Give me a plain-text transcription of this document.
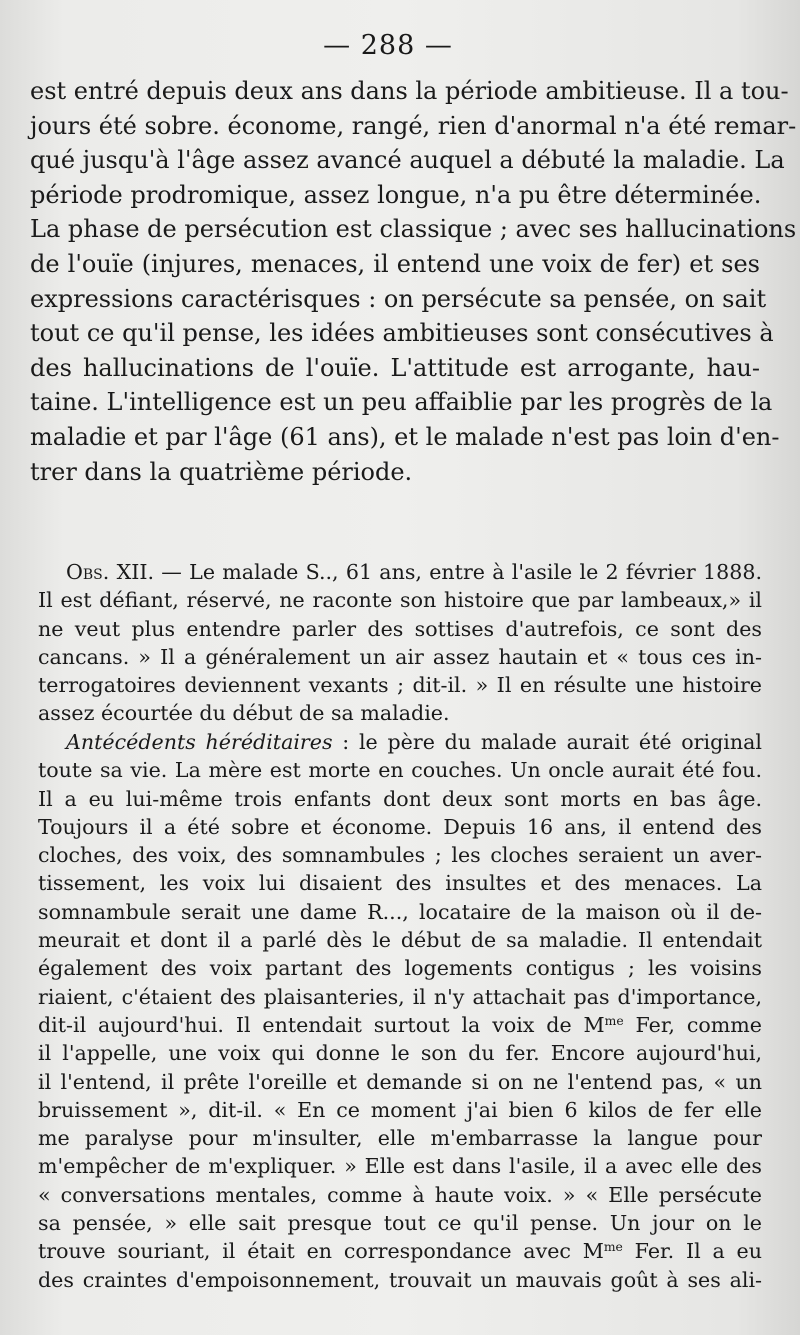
— 288 —
est entré depuis deux ans dans la période ambitieuse. Il a tou-
jours été sobre. économe, rangé, rien d'anormal n'a été remar-
qué jusqu'à l'âge assez avancé auquel a débuté la maladie. La
période prodromique, assez longue, n'a pu être déterminée.
La phase de persécution est classique ; avec ses hallucinations
de l'ouïe (injures, menaces, il entend une voix de fer) et ses
expressions caractérisques : on persécute sa pensée, on sait
tout ce qu'il pense, les idées ambitieuses sont consécutives à
des hallucinations de l'ouïe. L'attitude est arrogante, hau-
taine. L'intelligence est un peu affaiblie par les progrès de la
maladie et par l'âge (61 ans), et le malade n'est pas loin d'en-
trer dans la quatrième période.
Obs. XII. — Le malade S.., 61 ans, entre à l'asile le 2 février 1888.
Il est défiant, réservé, ne raconte son histoire que par lambeaux,» il
ne veut plus entendre parler des sottises d'autrefois, ce sont des
cancans. » Il a généralement un air assez hautain et « tous ces in-
terrogatoires deviennent vexants ; dit-il. » Il en résulte une histoire
assez écourtée du début de sa maladie.
Antécédents héréditaires : le père du malade aurait été original
toute sa vie. La mère est morte en couches. Un oncle aurait été fou.
Il a eu lui-même trois enfants dont deux sont morts en bas âge.
Toujours il a été sobre et économe. Depuis 16 ans, il entend des
cloches, des voix, des somnambules ; les cloches seraient un aver-
tissement, les voix lui disaient des insultes et des menaces. La
somnambule serait une dame R..., locataire de la maison où il de-
meurait et dont il a parlé dès le début de sa maladie. Il entendait
également des voix partant des logements contigus ; les voisins
riaient, c'étaient des plaisanteries, il n'y attachait pas d'importance,
dit-il aujourd'hui. Il entendait surtout la voix de $M^{me}$ Fer, comme
il l'appelle, une voix qui donne le son du fer. Encore aujourd'hui,
il l'entend, il prête l'oreille et demande si on ne l'entend pas, « un
bruissement », dit-il. « En ce moment j'ai bien 6 kilos de fer elle
me paralyse pour m'insulter, elle m'embarrasse la langue pour
m'empêcher de m'expliquer. » Elle est dans l'asile, il a avec elle des
« conversations mentales, comme à haute voix. » « Elle persécute
sa pensée, » elle sait presque tout ce qu'il pense. Un jour on le
trouve souriant, il était en correspondance avec $M^{me}$ Fer. Il a eu
des craintes d'empoisonnement, trouvait un mauvais goût à ses ali-
